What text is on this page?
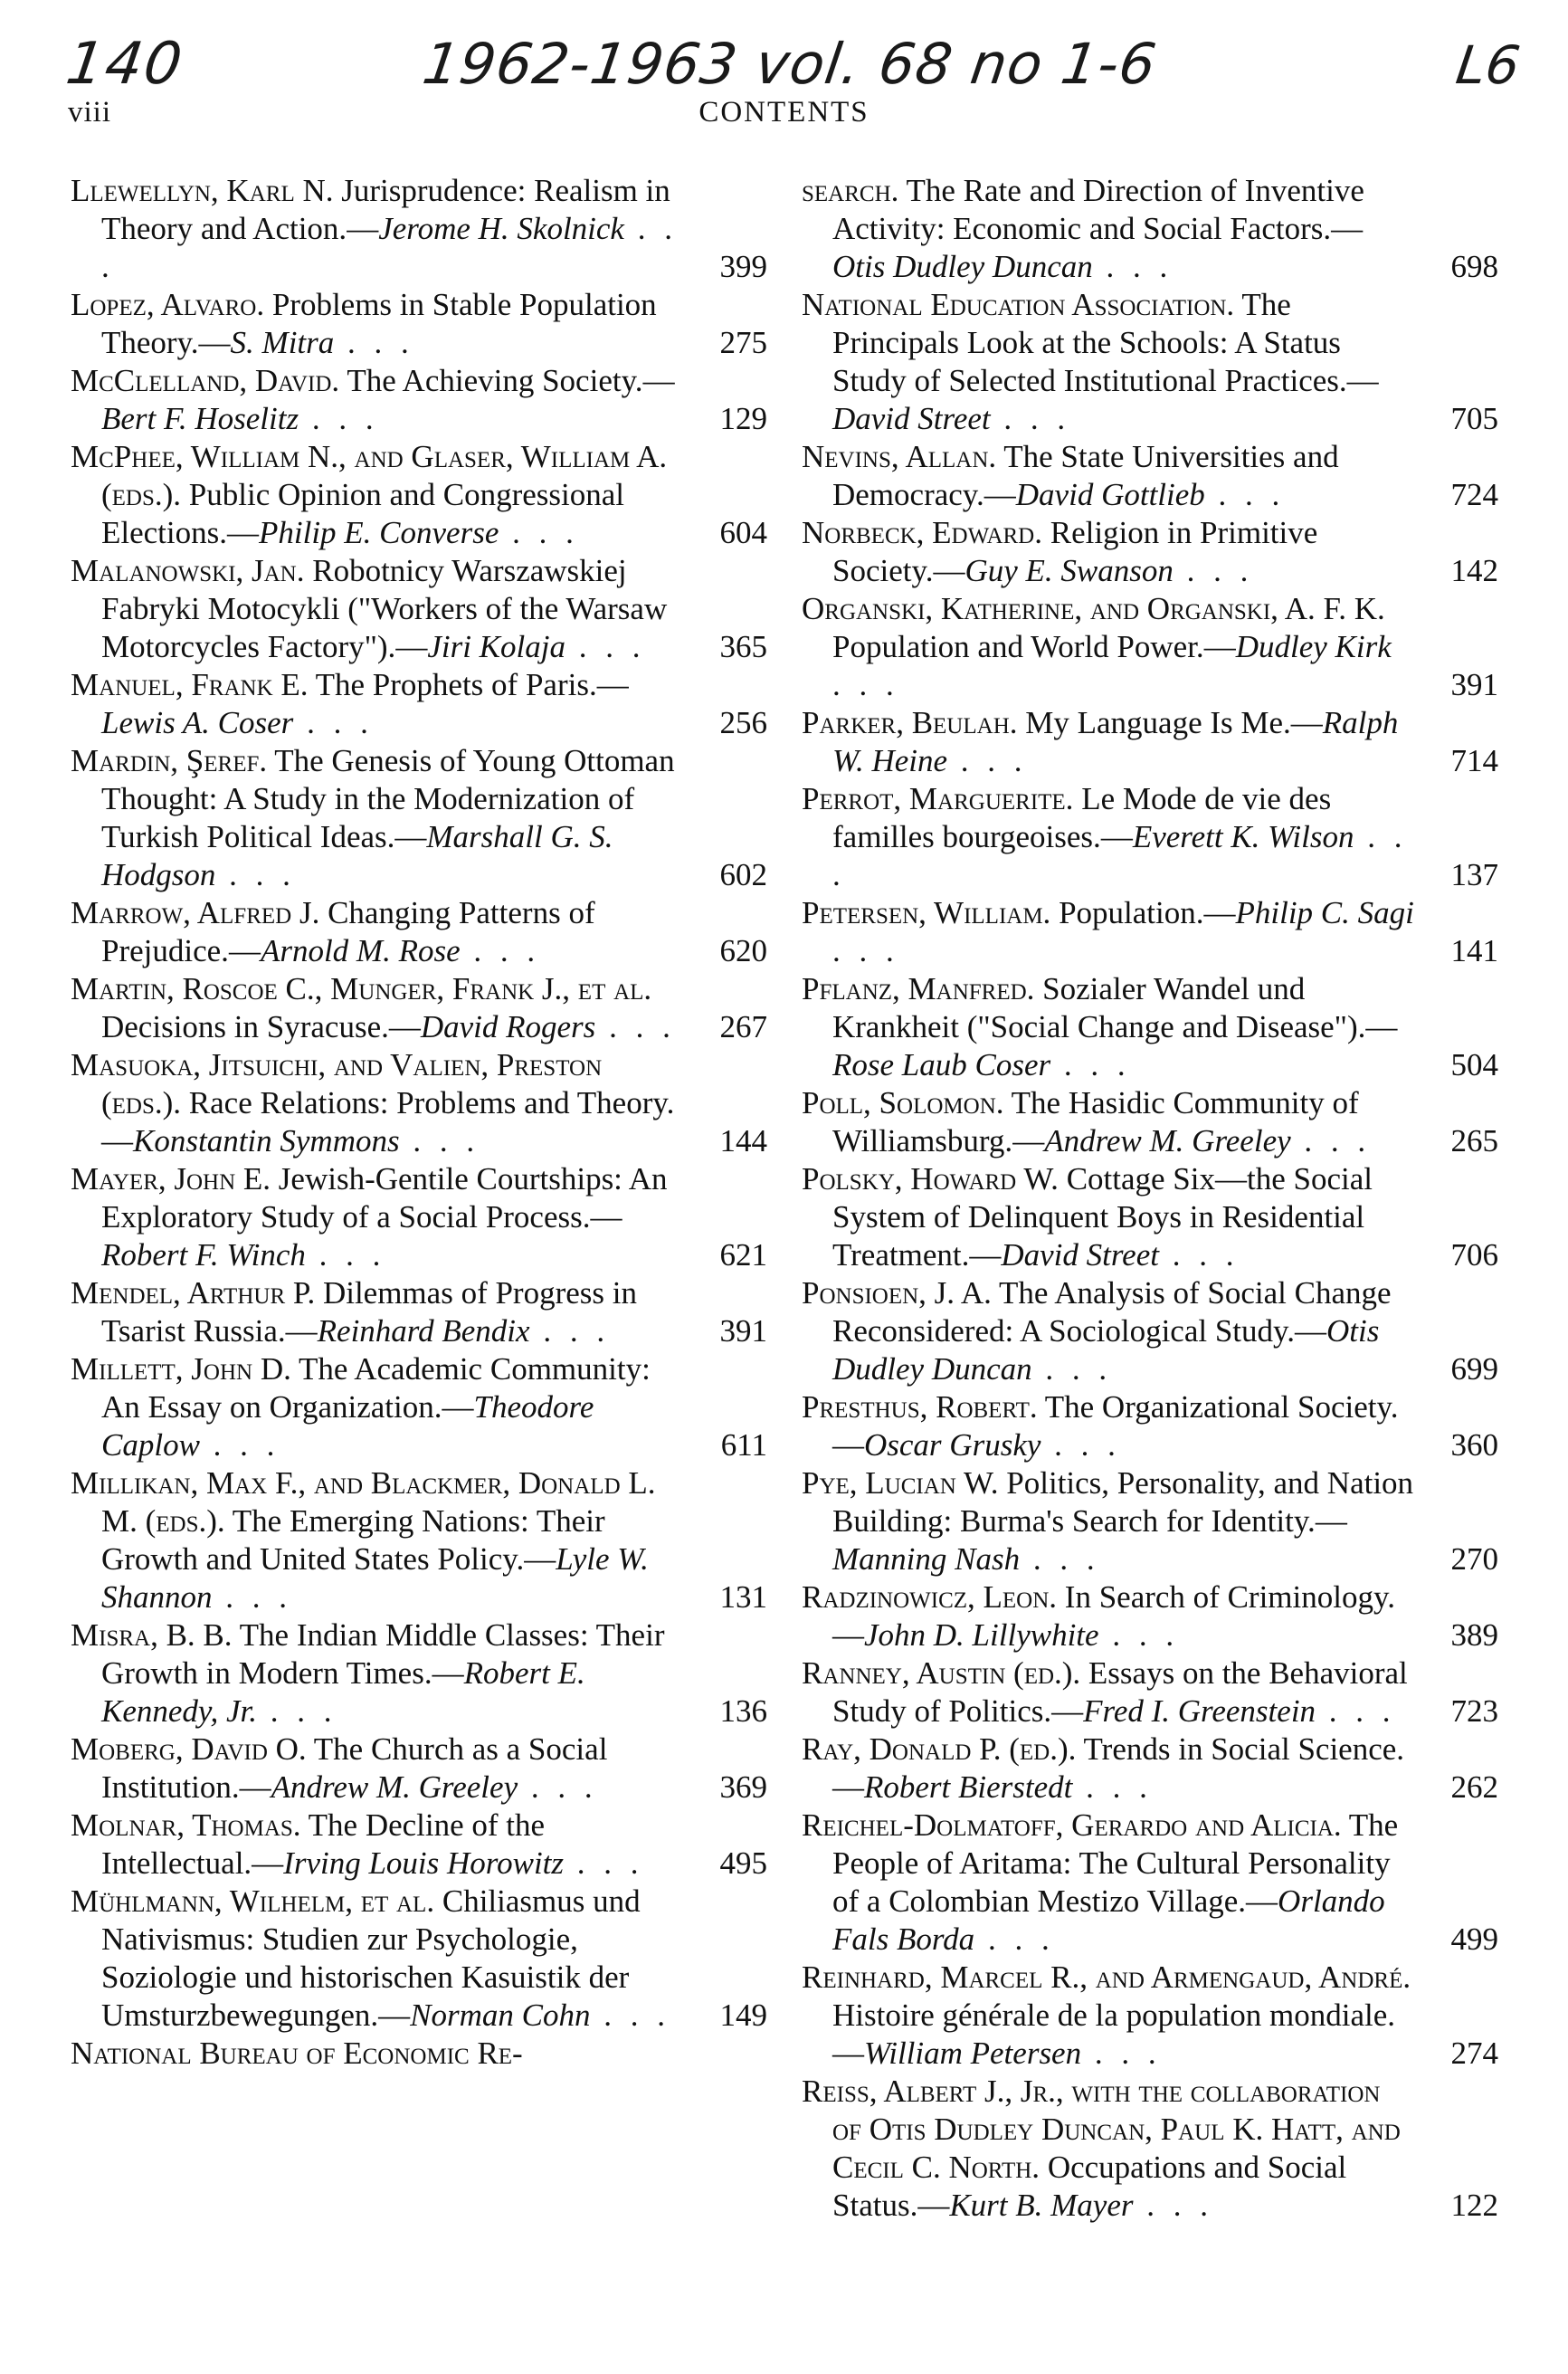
140	1962-1963 vol. 68 no 1-6	L6
viii	CONTENTS

Llewellyn, Karl N. Jurisprudence: Realism in Theory and Action.—Jerome H. Skolnick . . .	399

Lopez, Alvaro. Problems in Stable Population Theory.—S. Mitra . . .	275

McClelland, David. The Achieving Society.—Bert F. Hoselitz . . .	129

McPhee, William N., and Glaser, William A. (eds.). Public Opinion and Congressional Elections.—Philip E. Converse . . .	604

Malanowski, Jan. Robotnicy Warszawskiej Fabryki Motocykli ("Workers of the Warsaw Motorcycles Factory").—Jiri Kolaja . . .	365

Manuel, Frank E. The Prophets of Paris.—Lewis A. Coser . . .	256

Mardin, Şeref. The Genesis of Young Ottoman Thought: A Study in the Modernization of Turkish Political Ideas.—Marshall G. S. Hodgson . . .	602

Marrow, Alfred J. Changing Patterns of Prejudice.—Arnold M. Rose . . .	620

Martin, Roscoe C., Munger, Frank J., et al. Decisions in Syracuse.—David Rogers . . .	267

Masuoka, Jitsuichi, and Valien, Preston (eds.). Race Relations: Problems and Theory.—Konstantin Symmons . . .	144

Mayer, John E. Jewish-Gentile Courtships: An Exploratory Study of a Social Process.—Robert F. Winch . . .	621

Mendel, Arthur P. Dilemmas of Progress in Tsarist Russia.—Reinhard Bendix . . .	391

Millett, John D. The Academic Community: An Essay on Organization.—Theodore Caplow . . .	611

Millikan, Max F., and Blackmer, Donald L. M. (eds.). The Emerging Nations: Their Growth and United States Policy.—Lyle W. Shannon . . .	131

Misra, B. B. The Indian Middle Classes: Their Growth in Modern Times.—Robert E. Kennedy, Jr. . . .	136

Moberg, David O. The Church as a Social Institution.—Andrew M. Greeley . . .	369

Molnar, Thomas. The Decline of the Intellectual.—Irving Louis Horowitz . . .	495

Mühlmann, Wilhelm, et al. Chiliasmus und Nativismus: Studien zur Psychologie, Soziologie und historischen Kasuistik der Umsturzbewegungen.—Norman Cohn . . .	149

National Bureau of Economic Re-

search. The Rate and Direction of Inventive Activity: Economic and Social Factors.—Otis Dudley Duncan . . .	698

National Education Association. The Principals Look at the Schools: A Status Study of Selected Institutional Practices.—David Street . . .	705

Nevins, Allan. The State Universities and Democracy.—David Gottlieb . . .	724

Norbeck, Edward. Religion in Primitive Society.—Guy E. Swanson . . .	142

Organski, Katherine, and Organski, A. F. K. Population and World Power.—Dudley Kirk . . .	391

Parker, Beulah. My Language Is Me.—Ralph W. Heine . . .	714

Perrot, Marguerite. Le Mode de vie des familles bourgeoises.—Everett K. Wilson . . .	137

Petersen, William. Population.—Philip C. Sagi . . .	141

Pflanz, Manfred. Sozialer Wandel und Krankheit ("Social Change and Disease").—Rose Laub Coser . . .	504

Poll, Solomon. The Hasidic Community of Williamsburg.—Andrew M. Greeley . . .	265

Polsky, Howard W. Cottage Six—the Social System of Delinquent Boys in Residential Treatment.—David Street . . .	706

Ponsioen, J. A. The Analysis of Social Change Reconsidered: A Sociological Study.—Otis Dudley Duncan . . .	699

Presthus, Robert. The Organizational Society.—Oscar Grusky . . .	360

Pye, Lucian W. Politics, Personality, and Nation Building: Burma's Search for Identity.—Manning Nash . . .	270

Radzinowicz, Leon. In Search of Criminology.—John D. Lillywhite . . .	389

Ranney, Austin (ed.). Essays on the Behavioral Study of Politics.—Fred I. Greenstein . . .	723

Ray, Donald P. (ed.). Trends in Social Science.—Robert Bierstedt . . .	262

Reichel-Dolmatoff, Gerardo and Alicia. The People of Aritama: The Cultural Personality of a Colombian Mestizo Village.—Orlando Fals Borda . . .	499

Reinhard, Marcel R., and Armengaud, André. Histoire générale de la population mondiale.—William Petersen . . .	274

Reiss, Albert J., Jr., with the collaboration of Otis Dudley Duncan, Paul K. Hatt, and Cecil C. North. Occupations and Social Status.—Kurt B. Mayer . . .	122
